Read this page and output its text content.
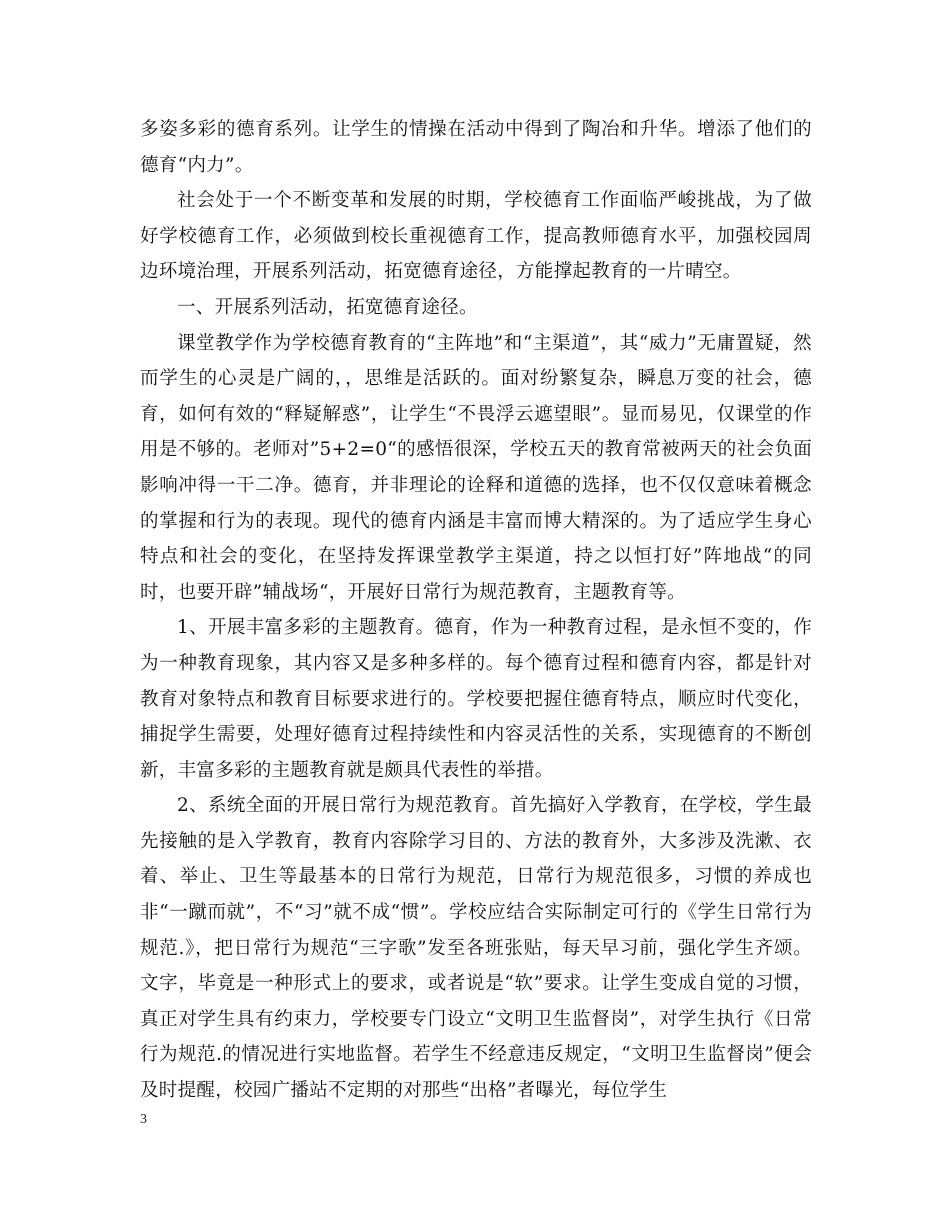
多姿多彩的德育系列。让学生的情操在活动中得到了陶冶和升华。增添了他们的德育“内力”。

社会处于一个不断变革和发展的时期，学校德育工作面临严峻挑战，为了做好学校德育工作，必须做到校长重视德育工作，提高教师德育水平，加强校园周边环境治理，开展系列活动，拓宽德育途径，方能撑起教育的一片晴空。

一、开展系列活动，拓宽德育途径。

课堂教学作为学校德育教育的“主阵地”和“主渠道”，其“威力”无庸置疑，然而学生的心灵是广阔的，，思维是活跃的。面对纷繁复杂，瞬息万变的社会，德育，如何有效的“释疑解惑”，让学生“不畏浮云遮望眼”。显而易见，仅课堂的作用是不够的。老师对”5+2=0“的感悟很深，学校五天的教育常被两天的社会负面影响冲得一干二净。德育，并非理论的诠释和道德的选择，也不仅仅意味着概念的掌握和行为的表现。现代的德育内涵是丰富而博大精深的。为了适应学生身心特点和社会的变化，在坚持发挥课堂教学主渠道，持之以恒打好”阵地战“的同时，也要开辟”辅战场“，开展好日常行为规范教育，主题教育等。

1、开展丰富多彩的主题教育。德育，作为一种教育过程，是永恒不变的，作为一种教育现象，其内容又是多种多样的。每个德育过程和德育内容，都是针对教育对象特点和教育目标要求进行的。学校要把握住德育特点，顺应时代变化，捕捉学生需要，处理好德育过程持续性和内容灵活性的关系，实现德育的不断创新，丰富多彩的主题教育就是颇具代表性的举措。

2、系统全面的开展日常行为规范教育。首先搞好入学教育，在学校，学生最先接触的是入学教育，教育内容除学习目的、方法的教育外，大多涉及洗漱、衣着、举止、卫生等最基本的日常行为规范，日常行为规范很多，习惯的养成也非“一蹴而就”，不“习”就不成“惯”。学校应结合实际制定可行的《学生日常行为规范.》，把日常行为规范“三字歌”发至各班张贴，每天早习前，强化学生齐颂。文字，毕竟是一种形式上的要求，或者说是“软”要求。让学生变成自觉的习惯，真正对学生具有约束力，学校要专门设立“文明卫生监督岗”，对学生执行《日常行为规范.的情况进行实地监督。若学生不经意违反规定，“文明卫生监督岗”便会及时提醒，校园广播站不定期的对那些“出格”者曝光，每位学生

3
